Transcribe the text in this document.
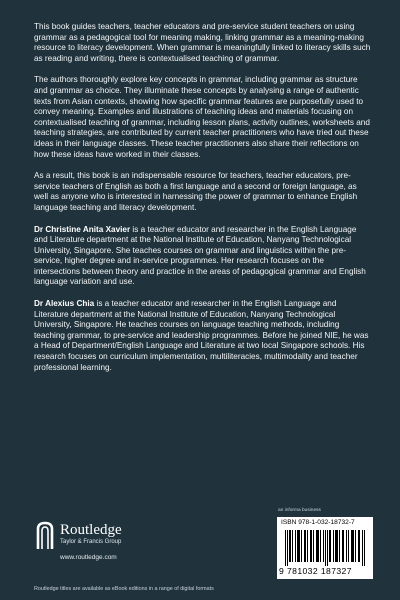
This book guides teachers, teacher educators and pre-service student teachers on using grammar as a pedagogical tool for meaning making, linking grammar as a meaning-making resource to literacy development. When grammar is meaningfully linked to literacy skills such as reading and writing, there is contextualised teaching of grammar.

The authors thoroughly explore key concepts in grammar, including grammar as structure and grammar as choice. They illuminate these concepts by analysing a range of authentic texts from Asian contexts, showing how specific grammar features are purposefully used to convey meaning. Examples and illustrations of teaching ideas and materials focusing on contextualised teaching of grammar, including lesson plans, activity outlines, worksheets and teaching strategies, are contributed by current teacher practitioners who have tried out these ideas in their language classes. These teacher practitioners also share their reflections on how these ideas have worked in their classes.

As a result, this book is an indispensable resource for teachers, teacher educators, pre-service teachers of English as both a first language and a second or foreign language, as well as anyone who is interested in harnessing the power of grammar to enhance English language teaching and literacy development.

Dr Christine Anita Xavier is a teacher educator and researcher in the English Language and Literature department at the National Institute of Education, Nanyang Technological University, Singapore. She teaches courses on grammar and linguistics within the pre-service, higher degree and in-service programmes. Her research focuses on the intersections between theory and practice in the areas of pedagogical grammar and English language variation and use.

Dr Alexius Chia is a teacher educator and researcher in the English Language and Literature department at the National Institute of Education, Nanyang Technological University, Singapore. He teaches courses on language teaching methods, including teaching grammar, to pre-service and leadership programmes. Before he joined NIE, he was a Head of Department/English Language and Literature at two local Singapore schools. His research focuses on curriculum implementation, multiliteracies, multimodality and teacher professional learning.

Routledge
Taylor & Francis Group
www.routledge.com
Routledge titles are available as eBook editions in a range of digital formats
an informa business
ISBN 978-1-032-18732-7
9 781032 187327
